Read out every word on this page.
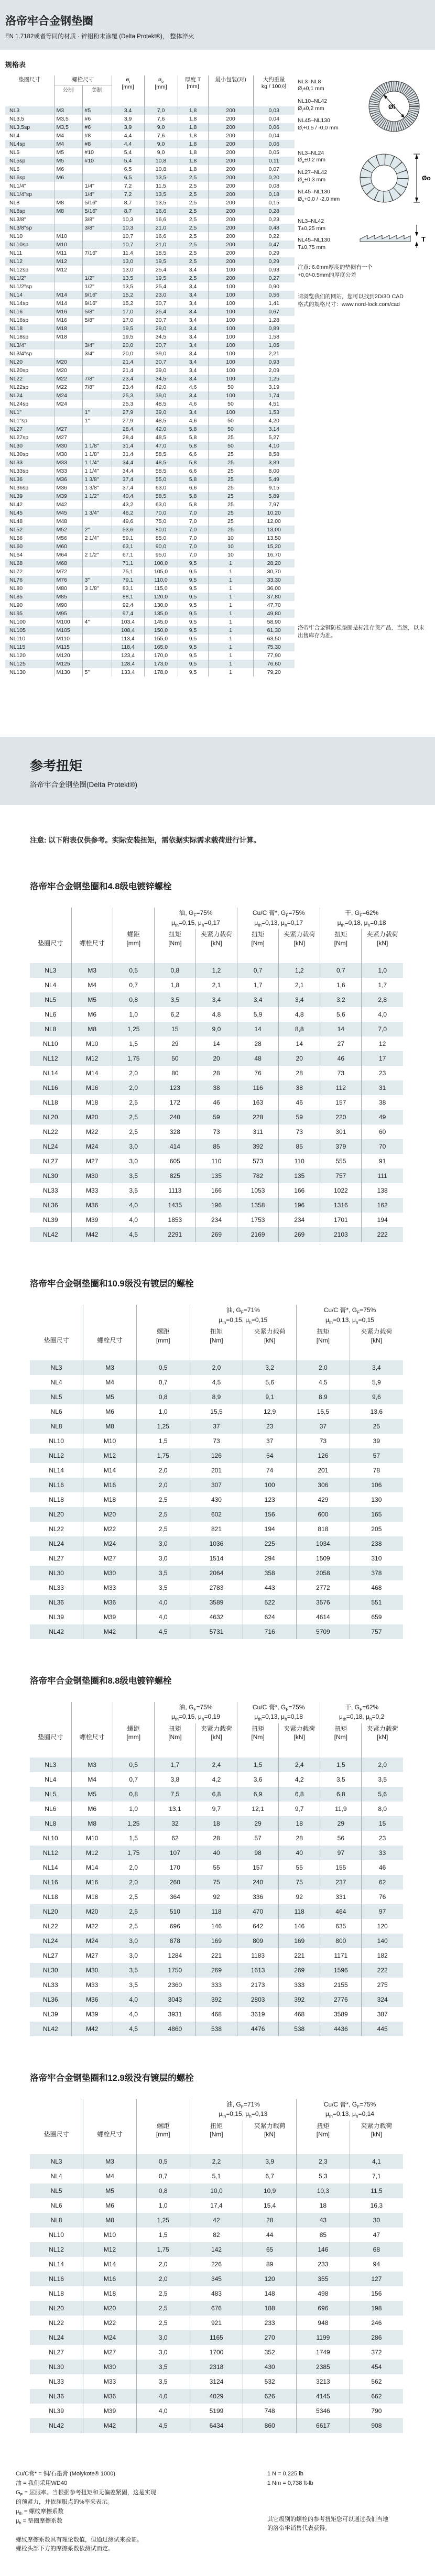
洛帝牢合金钢垫圈

EN 1.7182或者等同的材质 · 锌铝粉末涂覆 (Delta Protekt®)， 整体淬火

规格表
垫圈尺寸	螺栓尺寸		$ø_i$
[mm]	$ø_o$
[mm]	厚度 T
[mm]	最小包装(对)	大约重量
kg / 100对
	公制	美制					
NL3	M3	#5	3,4	7,0	1,8	200	0,03
NL3,5	M3,5	#6	3,9	7,6	1,8	200	0,04
NL3,5sp	M3,5	#6	3,9	9,0	1,8	200	0,06
NL4	M4	#8	4,4	7,6	1,8	200	0,04
NL4sp	M4	#8	4,4	9,0	1,8	200	0,06
NL5	M5	#10	5,4	9,0	1,8	200	0,05
NL5sp	M5	#10	5,4	10,8	1,8	200	0,11
NL6	M6		6,5	10,8	1,8	200	0,07
NL6sp	M6		6,5	13,5	2,5	200	0,20
NL1/4"		1/4"	7,2	11,5	2,5	200	0,08
NL1/4"sp		1/4"	7,2	13,5	2,5	200	0,18
NL8	M8	5/16"	8,7	13,5	2,5	200	0,15
NL8sp	M8	5/16"	8,7	16,6	2,5	200	0,28
NL3/8"		3/8"	10,3	16,6	2,5	200	0,23
NL3/8"sp		3/8"	10,3	21,0	2,5	200	0,48
NL10	M10		10,7	16,6	2,5	200	0,22
NL10sp	M10		10,7	21,0	2,5	200	0,47
NL11	M11	7/16"	11,4	18,5	2,5	200	0,29
NL12	M12		13,0	19,5	2,5	200	0,29
NL12sp	M12		13,0	25,4	3,4	100	0,93
NL1/2"		1/2"	13,5	19,5	2,5	200	0,27
NL1/2"sp		1/2"	13,5	25,4	3,4	100	0,90
NL14	M14	9/16"	15,2	23,0	3,4	100	0,56
NL14sp	M14	9/16"	15,2	30,7	3,4	100	1,41
NL16	M16	5/8"	17,0	25,4	3,4	100	0,67
NL16sp	M16	5/8"	17,0	30,7	3,4	100	1,28
NL18	M18		19,5	29,0	3,4	100	0,89
NL18sp	M18		19,5	34,5	3,4	100	1,58
NL3/4"		3/4"	20,0	30,7	3,4	100	1,05
NL3/4"sp		3/4"	20,0	39,0	3,4	100	2,21
NL20	M20		21,4	30,7	3,4	100	0,93
NL20sp	M20		21,4	39,0	3,4	100	2,09
NL22	M22	7/8"	23,4	34,5	3,4	100	1,25
NL22sp	M22	7/8"	23,4	42,0	4,6	50	3,19
NL24	M24		25,3	39,0	3,4	100	1,74
NL24sp	M24		25,3	48,5	4,6	50	4,51
NL1"		1"	27,9	39,0	3,4	100	1,53
NL1"sp		1"	27,9	48,5	4,6	50	4,20
NL27	M27		28,4	42,0	5,8	50	3,14
NL27sp	M27		28,4	48,5	5,8	25	5,27
NL30	M30	1 1/8"	31,4	47,0	5,8	50	4,10
NL30sp	M30	1 1/8"	31,4	58,5	6,6	25	8,58
NL33	M33	1 1/4"	34,4	48,5	5,8	25	3,89
NL33sp	M33	1 1/4"	34,4	58,5	6,6	25	8,00
NL36	M36	1 3/8"	37,4	55,0	5,8	25	5,49
NL36sp	M36	1 3/8"	37,4	63,0	6,6	25	9,15
NL39	M39	1 1/2"	40,4	58,5	5,8	25	5,89
NL42	M42		43,2	63,0	5,8	25	7,97
NL45	M45	1 3/4"	46,2	70,0	7,0	25	10,20
NL48	M48		49,6	75,0	7,0	25	12,00
NL52	M52	2"	53,6	80,0	7,0	25	13,00
NL56	M56	2 1/4"	59,1	85,0	7,0	10	13,50
NL60	M60		63,1	90,0	7,0	10	15,20
NL64	M64	2 1/2"	67,1	95,0	7,0	10	16,70
NL68	M68		71,1	100,0	9,5	1	28,20
NL72	M72		75,1	105,0	9,5	1	30,70
NL76	M76	3"	79,1	110,0	9,5	1	33,30
NL80	M80	3 1/8"	83,1	115,0	9,5	1	36,00
NL85	M85		88,1	120,0	9,5	1	37,80
NL90	M90		92,4	130,0	9,5	1	47,70
NL95	M95		97,4	135,0	9,5	1	49,80
NL100	M100	4"	103,4	145,0	9,5	1	58,90
NL105	M105		108,4	150,0	9,5	1	61,30
NL110	M110		113,4	155,0	9,5	1	63,50
NL115	M115		118,4	165,0	9,5	1	75,30
NL120	M120		123,4	170,0	9,5	1	77,90
NL125	M125		128,4	173,0	9,5	1	76,60
NL130	M130	5"	133,4	178,0	9,5	1	79,20
NL3–NL8
$Ø_i\pm 0,1$ mm
NL10–NL42
$Ø_i\pm 0,2$ mm
NL45–NL130
$Ø_i+0,5 / -0,0$ mm
Øi
NL3–NL24
$Ø_o\pm 0,2$ mm
NL27–NL42
$Ø_o\pm 0,3$ mm
NL45–NL130
$Ø_o+0,0 / -2,0$ mm
Øo
NL3–NL42
T±0,25 mm
NL45–NL130
T±0,75 mm
T

注意: 6.6mm厚度的垫圈有一个
+0,0/-0.5mm的厚度公差

请浏览我们的网站，您可以找到2D/3D CAD
格式的规格尺寸：www.nord-lock.com/cad

洛帝牢合金钢防松垫圈是标准存货产品，当然，以未出售库存为准。

参考扭矩

洛帝牢合金钢垫圈(Delta Protekt®)

注意: 以下附表仅供参考。实际安装扭矩，需依据实际需求载荷进行计算。

洛帝牢合金钢垫圈和4.8级电镀锌螺栓
垫圈尺寸	螺栓尺寸	螺距
[mm]	油, $G_F=75\%$
$\mu_{th}=0,15$, $\mu_h=0,17$		Cu/C 膏*, $G_F=75\%$
$\mu_{th}=0,13$, $\mu_h=0,17$		干, $G_F=62\%$
$\mu_{th}=0,18$, $\mu_h=0,18$	
			扭矩
[Nm]	夹紧力载荷
[kN]	扭矩
[Nm]	夹紧力载荷
[kN]	扭矩
[Nm]	夹紧力载荷
[kN]
NL3	M3	0,5	0,8	1,2	0,7	1,2	0,7	1,0
NL4	M4	0,7	1,8	2,1	1,7	2,1	1,6	1,7
NL5	M5	0,8	3,5	3,4	3,4	3,4	3,2	2,8
NL6	M6	1,0	6,2	4,8	5,9	4,8	5,6	4,0
NL8	M8	1,25	15	9,0	14	8,8	14	7,0
NL10	M10	1,5	29	14	28	14	27	12
NL12	M12	1,75	50	20	48	20	46	17
NL14	M14	2,0	80	28	76	28	73	23
NL16	M16	2,0	123	38	116	38	112	31
NL18	M18	2,5	172	46	163	46	157	38
NL20	M20	2,5	240	59	228	59	220	49
NL22	M22	2,5	328	73	311	73	301	60
NL24	M24	3,0	414	85	392	85	379	70
NL27	M27	3,0	605	110	573	110	555	91
NL30	M30	3,5	825	135	782	135	757	111
NL33	M33	3,5	1113	166	1053	166	1022	138
NL36	M36	4,0	1435	196	1358	196	1316	162
NL39	M39	4,0	1853	234	1753	234	1701	194
NL42	M42	4,5	2291	269	2169	269	2103	222
洛帝牢合金钢垫圈和10.9级没有镀层的螺栓
垫圈尺寸	螺栓尺寸	螺距
[mm]	油, $G_F=71\%$
$\mu_{th}=0,15$, $\mu_h=0,15$		Cu/C 膏*, $G_F=75\%$
$\mu_{th}=0,13$, $\mu_h=0,15$	
			扭矩
[Nm]	夹紧力载荷
[kN]	扭矩
[Nm]	夹紧力载荷
[kN]
NL3	M3	0,5	2,0	3,2	2,0	3,4
NL4	M4	0,7	4,5	5,6	4,5	5,9
NL5	M5	0,8	8,9	9,1	8,9	9,6
NL6	M6	1,0	15,5	12,9	15,5	13,6
NL8	M8	1,25	37	23	37	25
NL10	M10	1,5	73	37	73	39
NL12	M12	1,75	126	54	126	57
NL14	M14	2,0	201	74	201	78
NL16	M16	2,0	307	100	306	106
NL18	M18	2,5	430	123	429	130
NL20	M20	2,5	602	156	600	165
NL22	M22	2,5	821	194	818	205
NL24	M24	3,0	1036	225	1034	238
NL27	M27	3,0	1514	294	1509	310
NL30	M30	3,5	2064	358	2058	378
NL33	M33	3,5	2783	443	2772	468
NL36	M36	4,0	3589	522	3576	551
NL39	M39	4,0	4632	624	4614	659
NL42	M42	4,5	5731	716	5709	757
洛帝牢合金钢垫圈和8.8级电镀锌螺栓
垫圈尺寸	螺栓尺寸	螺距
[mm]	油, $G_F=75\%$
$\mu_{th}=0,15$, $\mu_h=0,19$		Cu/C 膏*, $G_F=75\%$
$\mu_{th}=0,13$, $\mu_h=0,18$		干, $G_F=62\%$
$\mu_{th}=0,18$, $\mu_h=0,2$	
			扭矩
[Nm]	夹紧力载荷
[kN]	扭矩
[Nm]	夹紧力载荷
[kN]	扭矩
[Nm]	夹紧力载荷
[kN]
NL3	M3	0,5	1,7	2,4	1,5	2,4	1,5	2,0
NL4	M4	0,7	3,8	4,2	3,6	4,2	3,5	3,5
NL5	M5	0,8	7,5	6,8	6,9	6,8	6,8	5,6
NL6	M6	1,0	13,1	9,7	12,1	9,7	11,9	8,0
NL8	M8	1,25	32	18	29	18	29	15
NL10	M10	1,5	62	28	57	28	56	23
NL12	M12	1,75	107	40	98	40	97	33
NL14	M14	2,0	170	55	157	55	155	46
NL16	M16	2,0	260	75	240	75	237	62
NL18	M18	2,5	364	92	336	92	331	76
NL20	M20	2,5	510	118	470	118	464	97
NL22	M22	2,5	696	146	642	146	635	120
NL24	M24	3,0	878	169	809	169	800	140
NL27	M27	3,0	1284	221	1183	221	1171	182
NL30	M30	3,5	1750	269	1613	269	1596	222
NL33	M33	3,5	2360	333	2173	333	2155	275
NL36	M36	4,0	3043	392	2803	392	2776	324
NL39	M39	4,0	3931	468	3619	468	3589	387
NL42	M42	4,5	4860	538	4476	538	4436	445
洛帝牢合金钢垫圈和12.9级没有镀层的螺栓
垫圈尺寸	螺栓尺寸	螺距
[mm]	油, $G_F=71\%$
$\mu_{th}=0,15$, $\mu_h=0,13$		Cu/C 膏*, $G_F=75\%$
$\mu_{th}=0,13$, $\mu_h=0,14$	
			扭矩
[Nm]	夹紧力载荷
[kN]	扭矩
[Nm]	夹紧力载荷
[kN]
NL3	M3	0,5	2,2	3,9	2,3	4,1
NL4	M4	0,7	5,1	6,7	5,3	7,1
NL5	M5	0,8	10,0	10,9	10,3	11,5
NL6	M6	1,0	17,4	15,4	18	16,3
NL8	M8	1,25	42	28	43	30
NL10	M10	1,5	82	44	85	47
NL12	M12	1,75	142	65	146	68
NL14	M14	2,0	226	89	233	94
NL16	M16	2,0	345	120	355	127
NL18	M18	2,5	483	148	498	156
NL20	M20	2,5	676	188	696	198
NL22	M22	2,5	921	233	948	246
NL24	M24	3,0	1165	270	1199	286
NL27	M27	3,0	1700	352	1749	372
NL30	M30	3,5	2318	430	2385	454
NL33	M33	3,5	3124	532	3213	562
NL36	M36	4,0	4029	626	4145	662
NL39	M39	4,0	5199	748	5346	790
NL42	M42	4,5	6434	860	6617	908

Cu/C膏* = 铜/石墨膏 (Molykote® 1000)

油 = 我们采用WD40

$G_F$ = 屈服率。当根据参考扭矩和无偏差紧固，这是实现
的预紧力，并依屈服点的%率来表示。

$\mu_{th}$ = 螺纹摩擦系数

$\mu_h$ = 垫圈摩擦系数

螺纹摩擦系数具有理论数值，但通过测试来验证。
螺栓头部下方的摩擦系数依测试而定。

1 N = 0,225 lb

1 Nm = 0,738 ft-lb

其它级别的螺栓的参考扭矩您可以通过我们当地
的洛帝牢销售代表获得。
